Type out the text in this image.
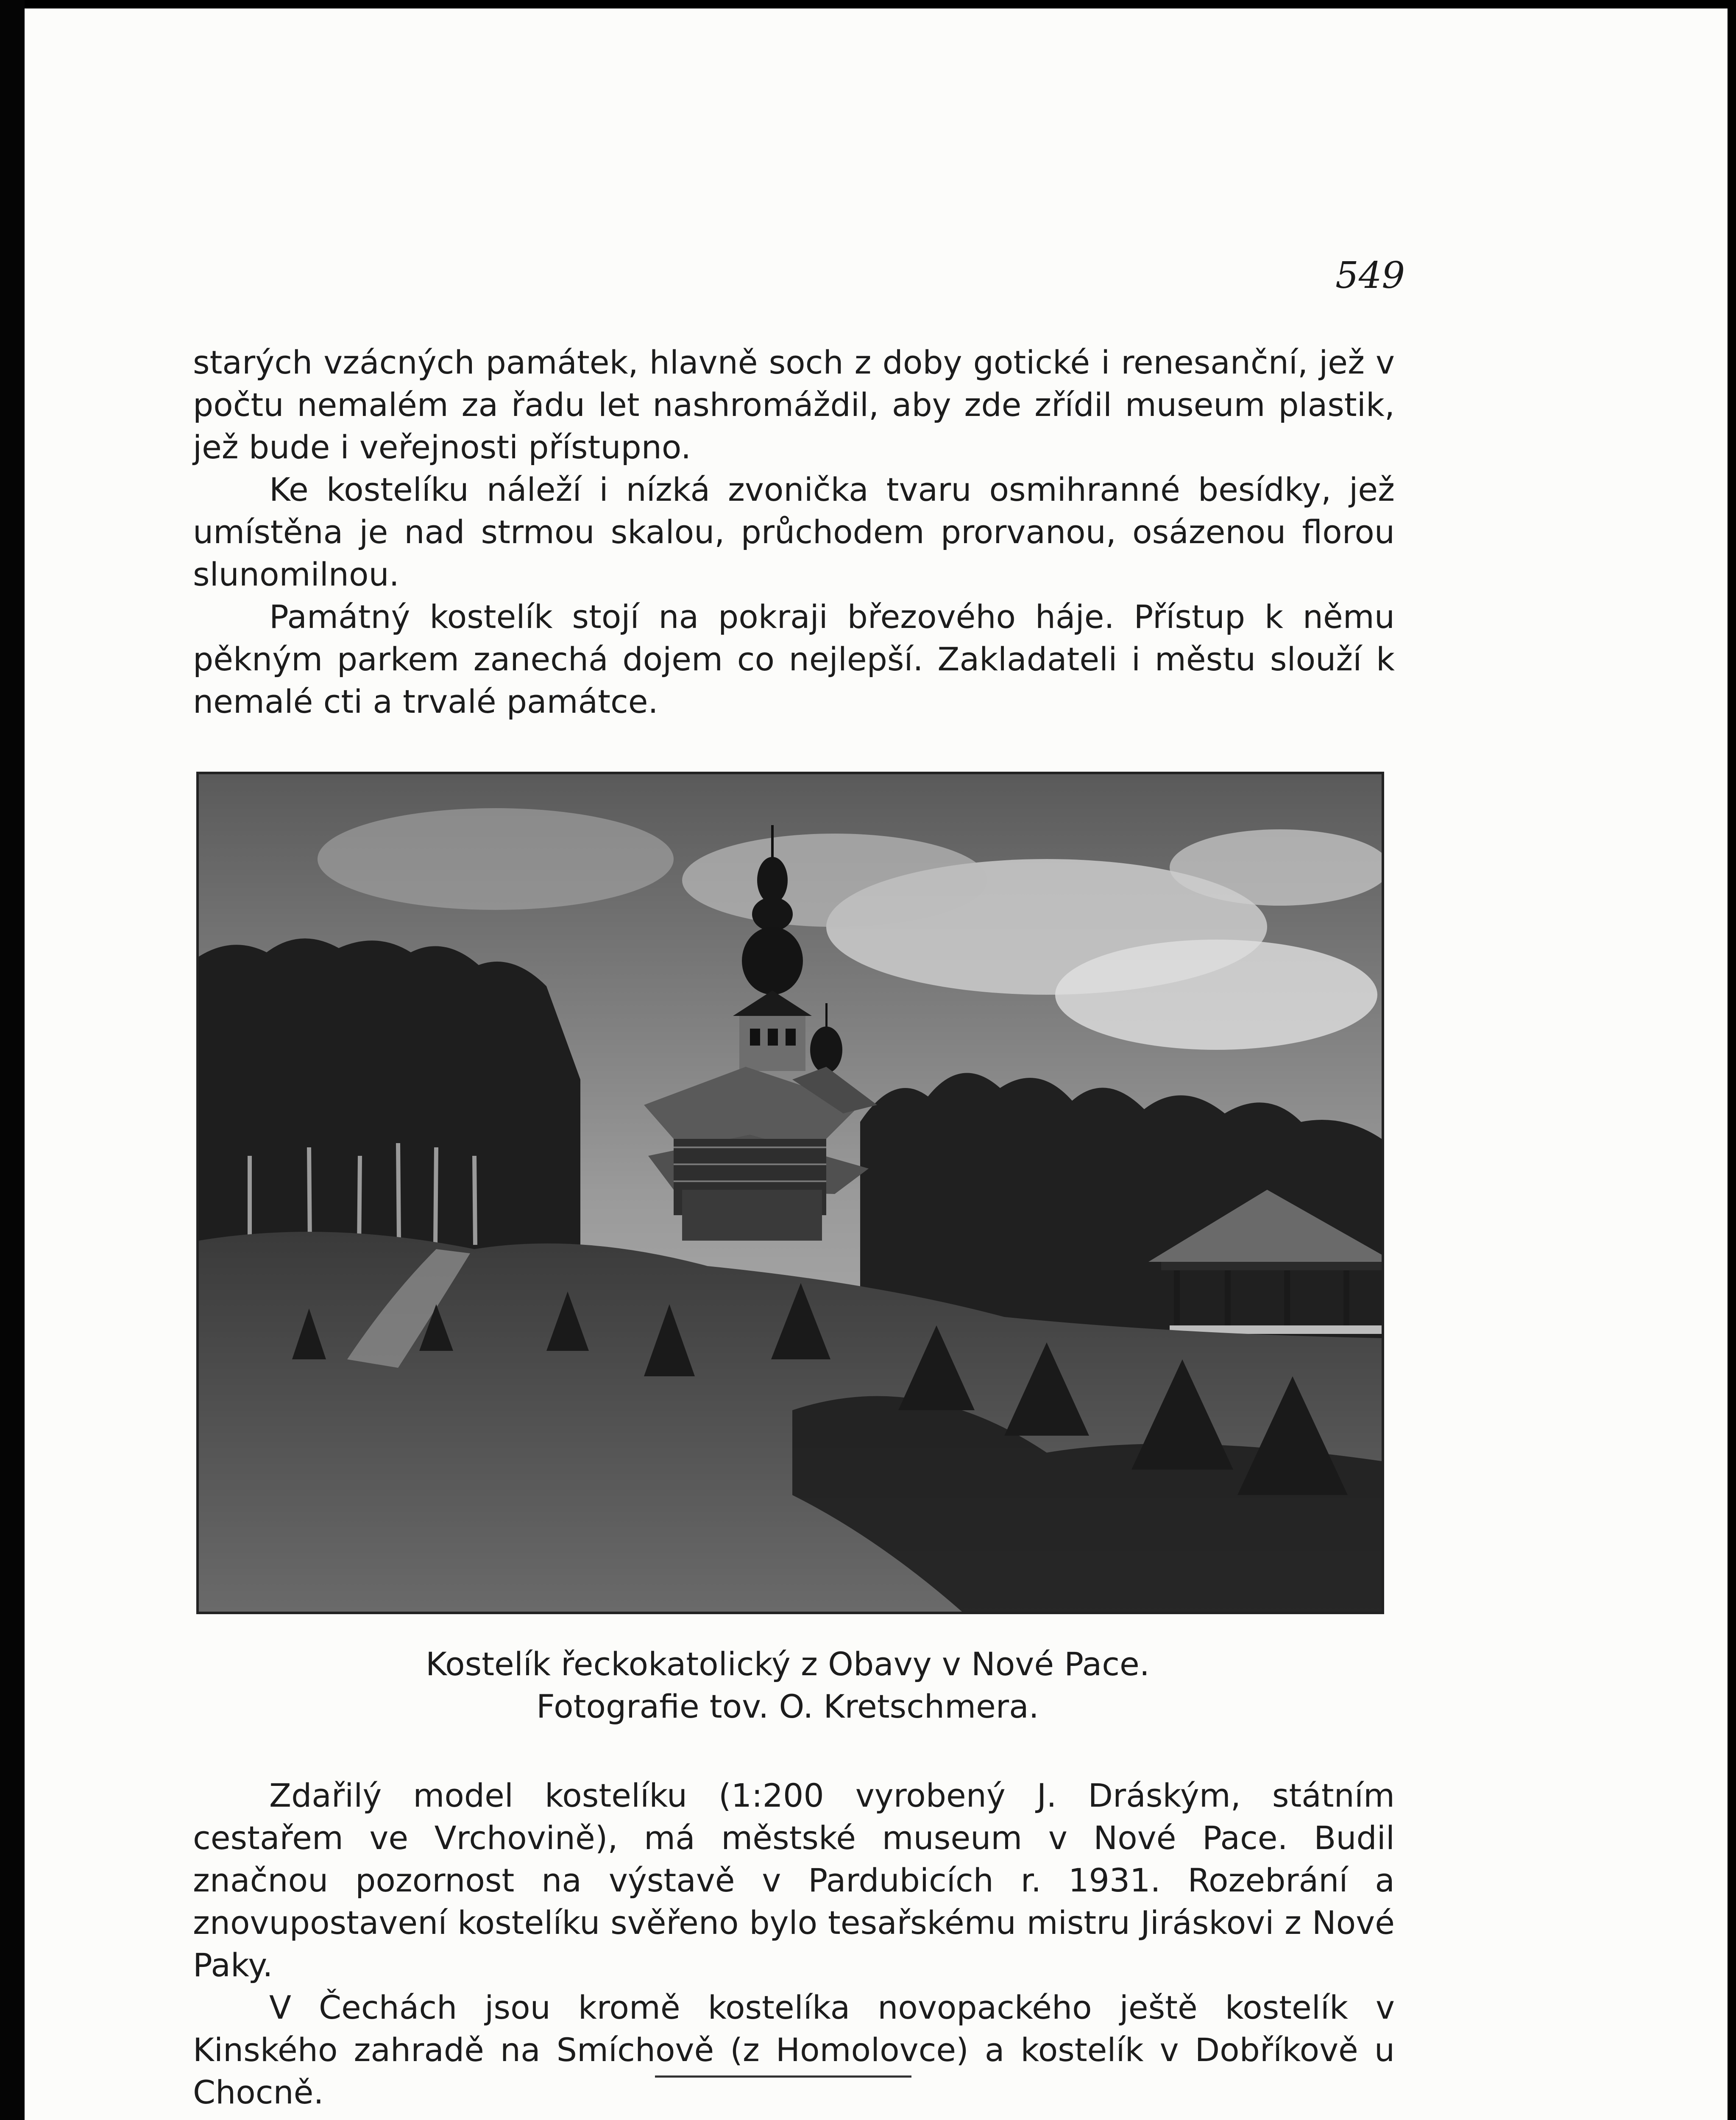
549

starých vzácných památek, hlavně soch z doby gotické i renesanční, jež v počtu nemalém za řadu let nashromáždil, aby zde zřídil museum plastik, jež bude i veřejnosti přístupno.

Ke kostelíku náleží i nízká zvonička tvaru osmihranné besídky, jež umístěna je nad strmou skalou, průchodem prorvanou, osázenou florou slunomilnou.

Památný kostelík stojí na pokraji březového háje. Přístup k němu pěkným parkem zanechá dojem co nejlepší. Zakladateli i městu slouží k nemalé cti a trvalé památce.

Kostelík řeckokatolický z Obavy v Nové Pace.
Fotografie tov. O. Kretschmera.

Zdařilý model kostelíku (1:200 vyrobený J. Dráským, státním cestařem ve Vrchovině), má městské museum v Nové Pace. Budil značnou pozornost na výstavě v Pardubicích r. 1931. Rozebrání a znovupostavení kostelíku svěřeno bylo tesařskému mistru Jiráskovi z Nové Paky.

V Čechách jsou kromě kostelíka novopackého ještě kostelík v Kinského zahradě na Smíchově (z Homolovce) a kostelík v Dobříkově u Chocně.
